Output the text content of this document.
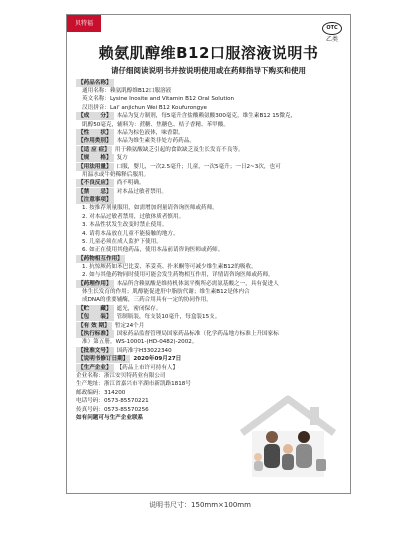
贝特福
OTC
乙类
赖氨肌醇维B12口服溶液说明书
请仔细阅读说明书并按说明使用或在药师指导下购买和使用
【药品名称】
通用名称：赖氨肌醇维B12口服溶液
英文名称：Lysine Inosite and Vitamin B12 Oral Solution
汉语拼音：Lai' anjichun Wei B12 Koufurongye
【成　　分】 本品为复方制剂，每5毫升含盐酸赖氨酸300毫克，维生素B12 15微克，
肌醇50毫克，辅料为：蔗糖、焦糖色、桔子香精、苯甲酸。
【性　　状】 本品为棕色液体，味香甜。
【作用类别】 本品为维生素类非处方药药品。
【适 应 症】 用于赖氨酸缺乏引起的食欲缺乏及生长发育不良等。
【规　　格】 复方
【用法用量】 口服，婴儿，一次2.5毫升；儿童，一次5毫升；一日2~3次，也可
用温水或牛奶稀释后服用。
【不良反应】 尚不明确。
【禁　　忌】 对本品过敏者禁用。
【注意事项】
1. 按推荐剂量服用，如需增加剂量请咨询医师或药师。
2. 对本品过敏者禁用，过敏体质者慎用。
3. 本品性状发生改变时禁止使用。
4. 请将本品放在儿童不能接触的地方。
5. 儿童必须在成人监护下使用。
6. 如正在使用其他药品，使用本品前请咨询医师或药师。
【药物相互作用】
1. 抗惊厥药如苯巴比妥、苯妥英、扑米酮等可减少维生素B12的吸收。
2. 如与其他药物同时使用可能会发生药物相互作用，详情请咨询医师或药师。
【药理作用】 本品所含赖氨酸是维持机体氮平衡所必需氨基酸之一，具有促进人
体生长发育的作用；肌醇能促进肝中脂肪代谢；维生素B12是体内合
成DNA的重要辅酶，三药合用具有一定的协同作用。
【贮　　藏】 遮光，密闭保存。
【包　　装】 管制瓶装，每支装10毫升，每盒装15支。
【有 效 期】 暂定24个月
【执行标准】 国家药品监督管理局国家药品标准（化学药品地方标准上升国家标
准）第五册，WS-10001-(HD-0482)-2002。
【批准文号】 国药准字H33022340
【说明书修订日期】 2020年09月27日
【生产企业】 【药品上市许可持有人】
企业名称：浙江安贝特药业有限公司
生产地址：浙江省嘉兴市平湖市新凯路1818号
邮政编码：314200
电话号码：0573-85570221
传真号码：0573-85570256
如有问题可与生产企业联系
说明书尺寸：150mm×100mm
